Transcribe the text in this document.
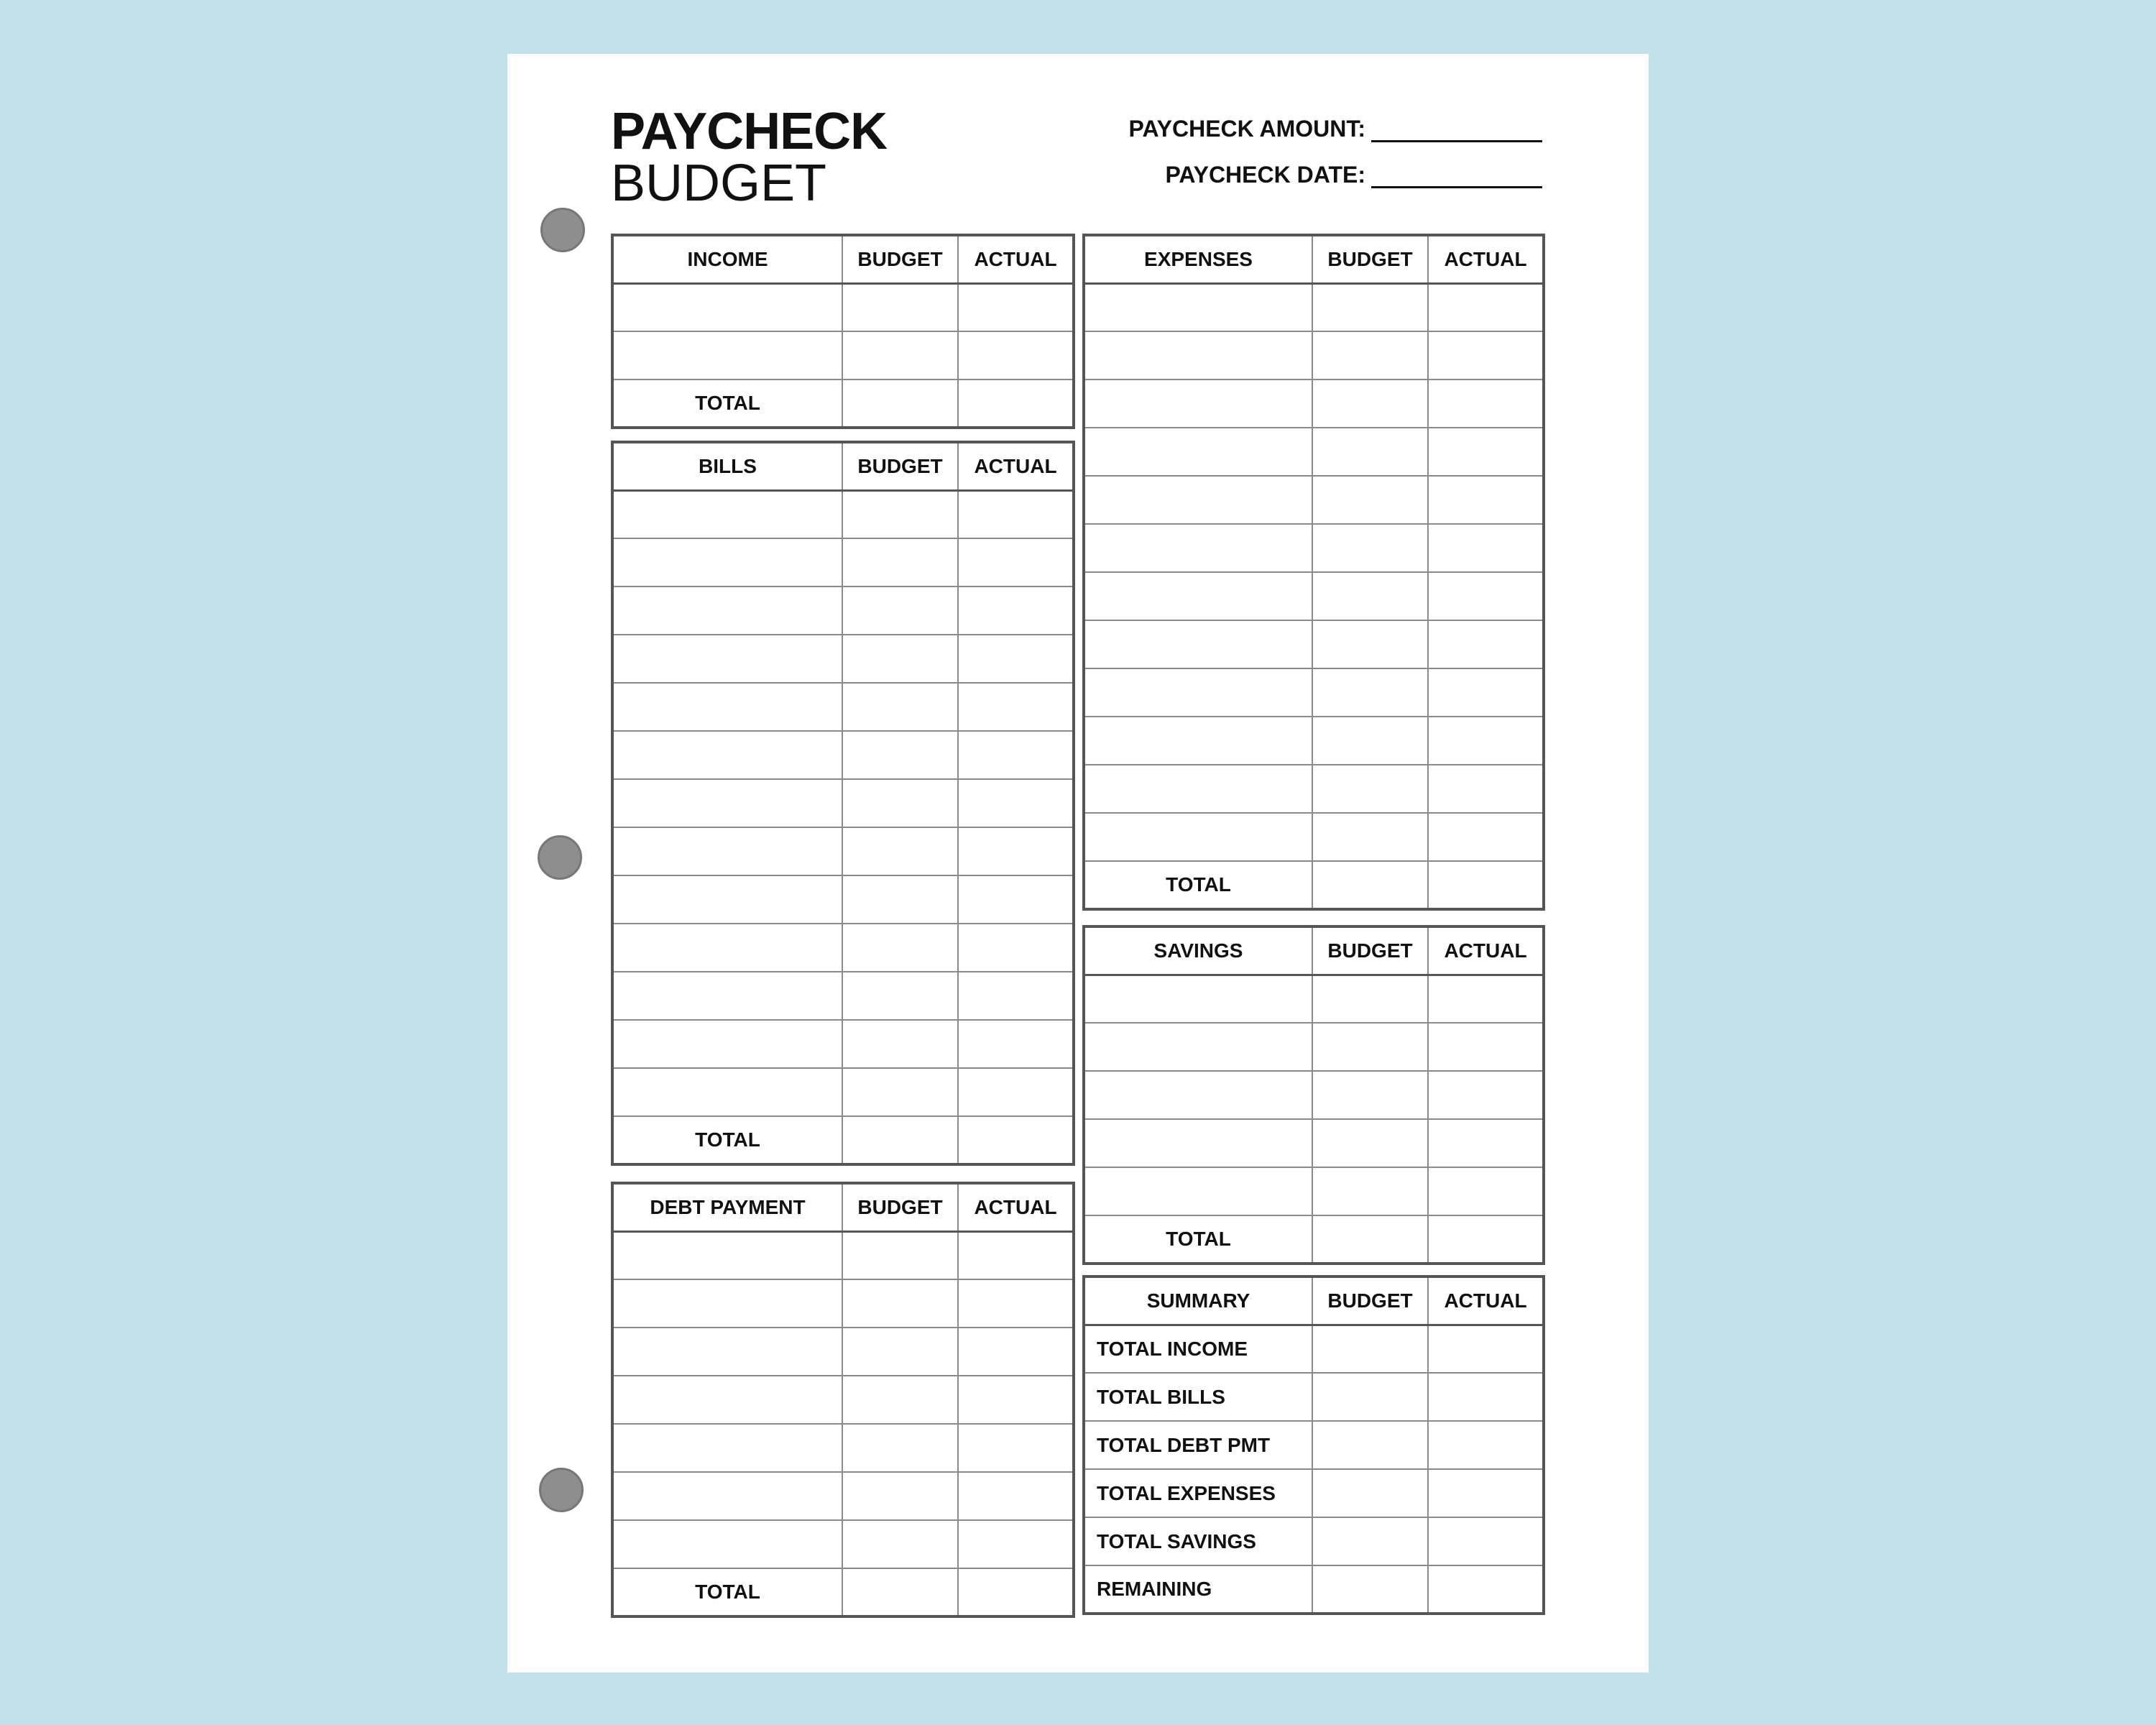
PAYCHECK
BUDGET
PAYCHECK AMOUNT:
PAYCHECK DATE:
INCOME	BUDGET	ACTUAL

TOTAL		
BILLS	BUDGET	ACTUAL

TOTAL		
DEBT PAYMENT	BUDGET	ACTUAL

TOTAL		
EXPENSES	BUDGET	ACTUAL

TOTAL		
SAVINGS	BUDGET	ACTUAL

TOTAL		
SUMMARY	BUDGET	ACTUAL
TOTAL INCOME		
TOTAL BILLS		
TOTAL DEBT PMT		
TOTAL EXPENSES		
TOTAL SAVINGS		
REMAINING		
